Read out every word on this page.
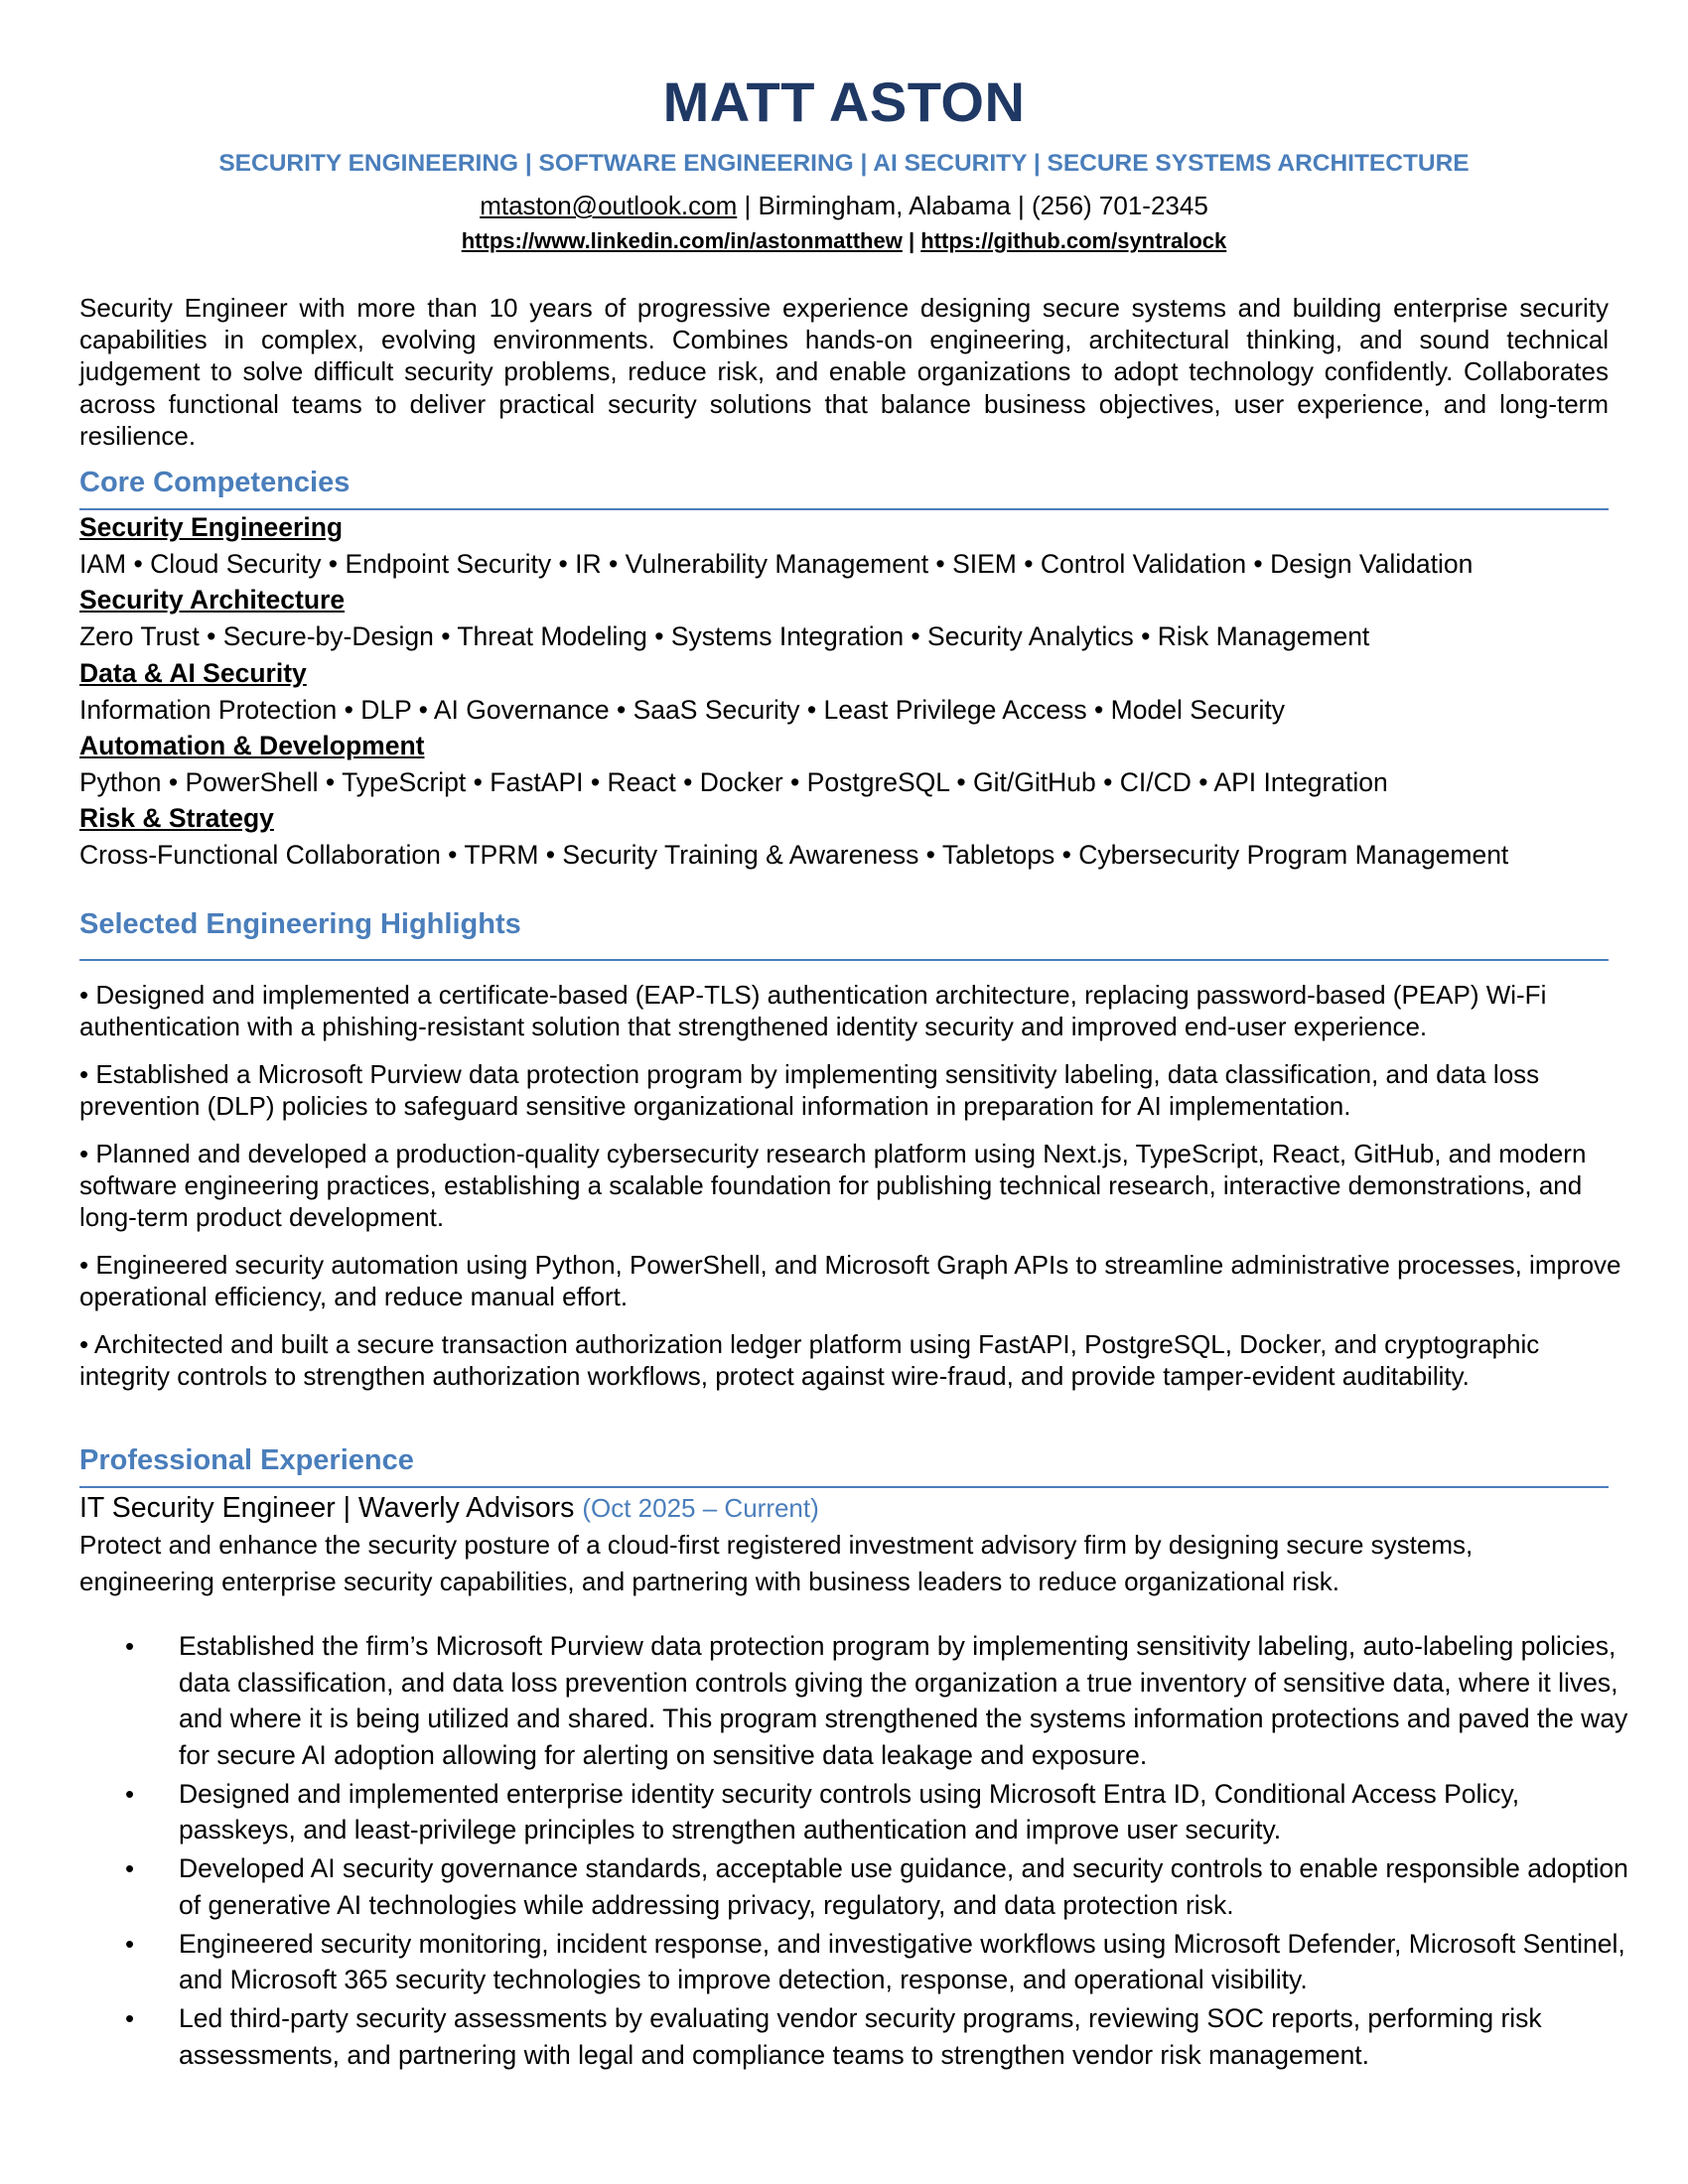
MATT ASTON
SECURITY ENGINEERING | SOFTWARE ENGINEERING | AI SECURITY | SECURE SYSTEMS ARCHITECTURE
mtaston@outlook.com | Birmingham, Alabama | (256) 701-2345
https://www.linkedin.com/in/astonmatthew | https://github.com/syntralock

Security Engineer with more than 10 years of progressive experience designing secure systems and building enterprise security capabilities in complex, evolving environments. Combines hands-on engineering, architectural thinking, and sound technical judgement to solve difficult security problems, reduce risk, and enable organizations to adopt technology confidently. Collaborates across functional teams to deliver practical security solutions that balance business objectives, user experience, and long-term resilience.

Core Competencies
Security Engineering
IAM • Cloud Security • Endpoint Security • IR • Vulnerability Management • SIEM • Control Validation • Design Validation
Security Architecture
Zero Trust • Secure-by-Design • Threat Modeling • Systems Integration • Security Analytics • Risk Management
Data & AI Security
Information Protection • DLP • AI Governance • SaaS Security • Least Privilege Access • Model Security
Automation & Development
Python • PowerShell • TypeScript • FastAPI • React • Docker • PostgreSQL • Git/GitHub • CI/CD • API Integration
Risk & Strategy
Cross-Functional Collaboration • TPRM • Security Training & Awareness • Tabletops • Cybersecurity Program Management
Selected Engineering Highlights

• Designed and implemented a certificate-based (EAP-TLS) authentication architecture, replacing password-based (PEAP) Wi-Fi authentication with a phishing-resistant solution that strengthened identity security and improved end-user experience.

• Established a Microsoft Purview data protection program by implementing sensitivity labeling, data classification, and data loss prevention (DLP) policies to safeguard sensitive organizational information in preparation for AI implementation.

• Planned and developed a production-quality cybersecurity research platform using Next.js, TypeScript, React, GitHub, and modern software engineering practices, establishing a scalable foundation for publishing technical research, interactive demonstrations, and long-term product development.

• Engineered security automation using Python, PowerShell, and Microsoft Graph APIs to streamline administrative processes, improve operational efficiency, and reduce manual effort.

• Architected and built a secure transaction authorization ledger platform using FastAPI, PostgreSQL, Docker, and cryptographic integrity controls to strengthen authorization workflows, protect against wire-fraud, and provide tamper-evident auditability.

Professional Experience
IT Security Engineer | Waverly Advisors (Oct 2025 – Current)

Protect and enhance the security posture of a cloud-first registered investment advisory firm by designing secure systems, engineering enterprise security capabilities, and partnering with business leaders to reduce organizational risk.

• Established the firm’s Microsoft Purview data protection program by implementing sensitivity labeling, auto-labeling policies, data classification, and data loss prevention controls giving the organization a true inventory of sensitive data, where it lives, and where it is being utilized and shared. This program strengthened the systems information protections and paved the way for secure AI adoption allowing for alerting on sensitive data leakage and exposure.
• Designed and implemented enterprise identity security controls using Microsoft Entra ID, Conditional Access Policy, passkeys, and least-privilege principles to strengthen authentication and improve user security.
• Developed AI security governance standards, acceptable use guidance, and security controls to enable responsible adoption of generative AI technologies while addressing privacy, regulatory, and data protection risk.
• Engineered security monitoring, incident response, and investigative workflows using Microsoft Defender, Microsoft Sentinel, and Microsoft 365 security technologies to improve detection, response, and operational visibility.
• Led third-party security assessments by evaluating vendor security programs, reviewing SOC reports, performing risk assessments, and partnering with legal and compliance teams to strengthen vendor risk management.
